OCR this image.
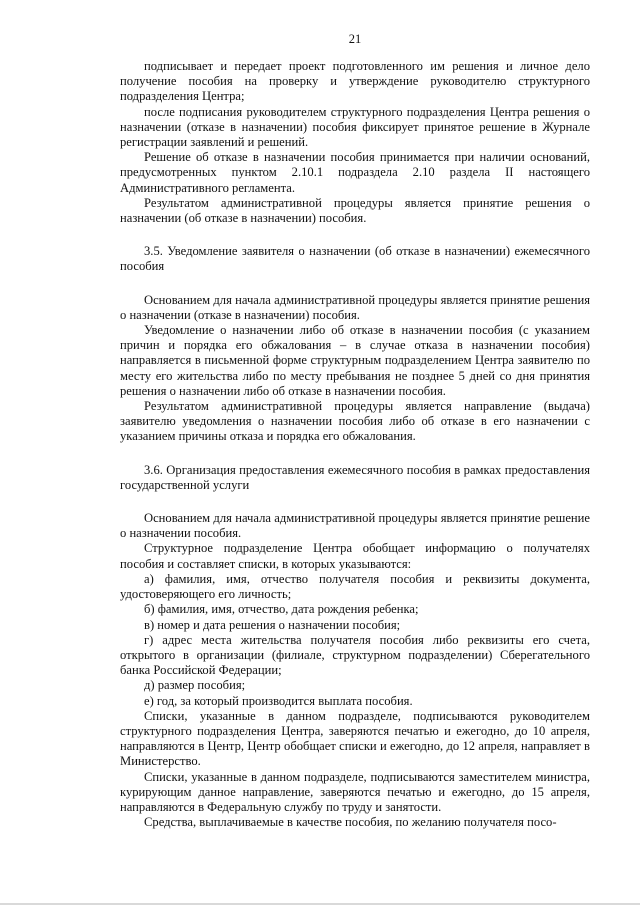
21

подписывает и передает проект подготовленного им решения и личное дело получение пособия на проверку и утверждение руководителю структурного подразделения Центра;

после подписания руководителем структурного подразделения Центра решения о назначении (отказе в назначении) пособия фиксирует принятое решение в Журнале регистрации заявлений и решений.

Решение об отказе в назначении пособия принимается при наличии оснований, предусмотренных пунктом 2.10.1 подраздела 2.10 раздела II настоящего Административного регламента.

Результатом административной процедуры является принятие решения о назначении (об отказе в назначении) пособия.

3.5. Уведомление заявителя о назначении (об отказе в назначении) ежемесячного пособия

Основанием для начала административной процедуры является принятие решения о назначении (отказе в назначении) пособия.

Уведомление о назначении либо об отказе в назначении пособия (с указанием причин и порядка его обжалования – в случае отказа в назначении пособия) направляется в письменной форме структурным подразделением Центра заявителю по месту его жительства либо по месту пребывания не позднее 5 дней со дня принятия решения о назначении либо об отказе в назначении пособия.

Результатом административной процедуры является направление (выдача) заявителю уведомления о назначении пособия либо об отказе в его назначении с указанием причины отказа и порядка его обжалования.

3.6. Организация предоставления ежемесячного пособия в рамках предоставления государственной услуги

Основанием для начала административной процедуры является принятие решение о назначении пособия.

Структурное подразделение Центра обобщает информацию о получателях пособия и составляет списки, в которых указываются:

а) фамилия, имя, отчество получателя пособия и реквизиты документа, удостоверяющего его личность;

б) фамилия, имя, отчество, дата рождения ребенка;

в) номер и дата решения о назначении пособия;

г) адрес места жительства получателя пособия либо реквизиты его счета, открытого в организации (филиале, структурном подразделении) Сберегательного банка Российской Федерации;

д) размер пособия;

е) год, за который производится выплата пособия.

Списки, указанные в данном подразделе, подписываются руководителем структурного подразделения Центра, заверяются печатью и ежегодно, до 10 апреля, направляются в Центр, Центр обобщает списки и ежегодно, до 12 апреля, направляет в Министерство.

Списки, указанные в данном подразделе, подписываются заместителем министра, курирующим данное направление, заверяются печатью и ежегодно, до 15 апреля, направляются в Федеральную службу по труду и занятости.

Средства, выплачиваемые в качестве пособия, по желанию получателя посо-
